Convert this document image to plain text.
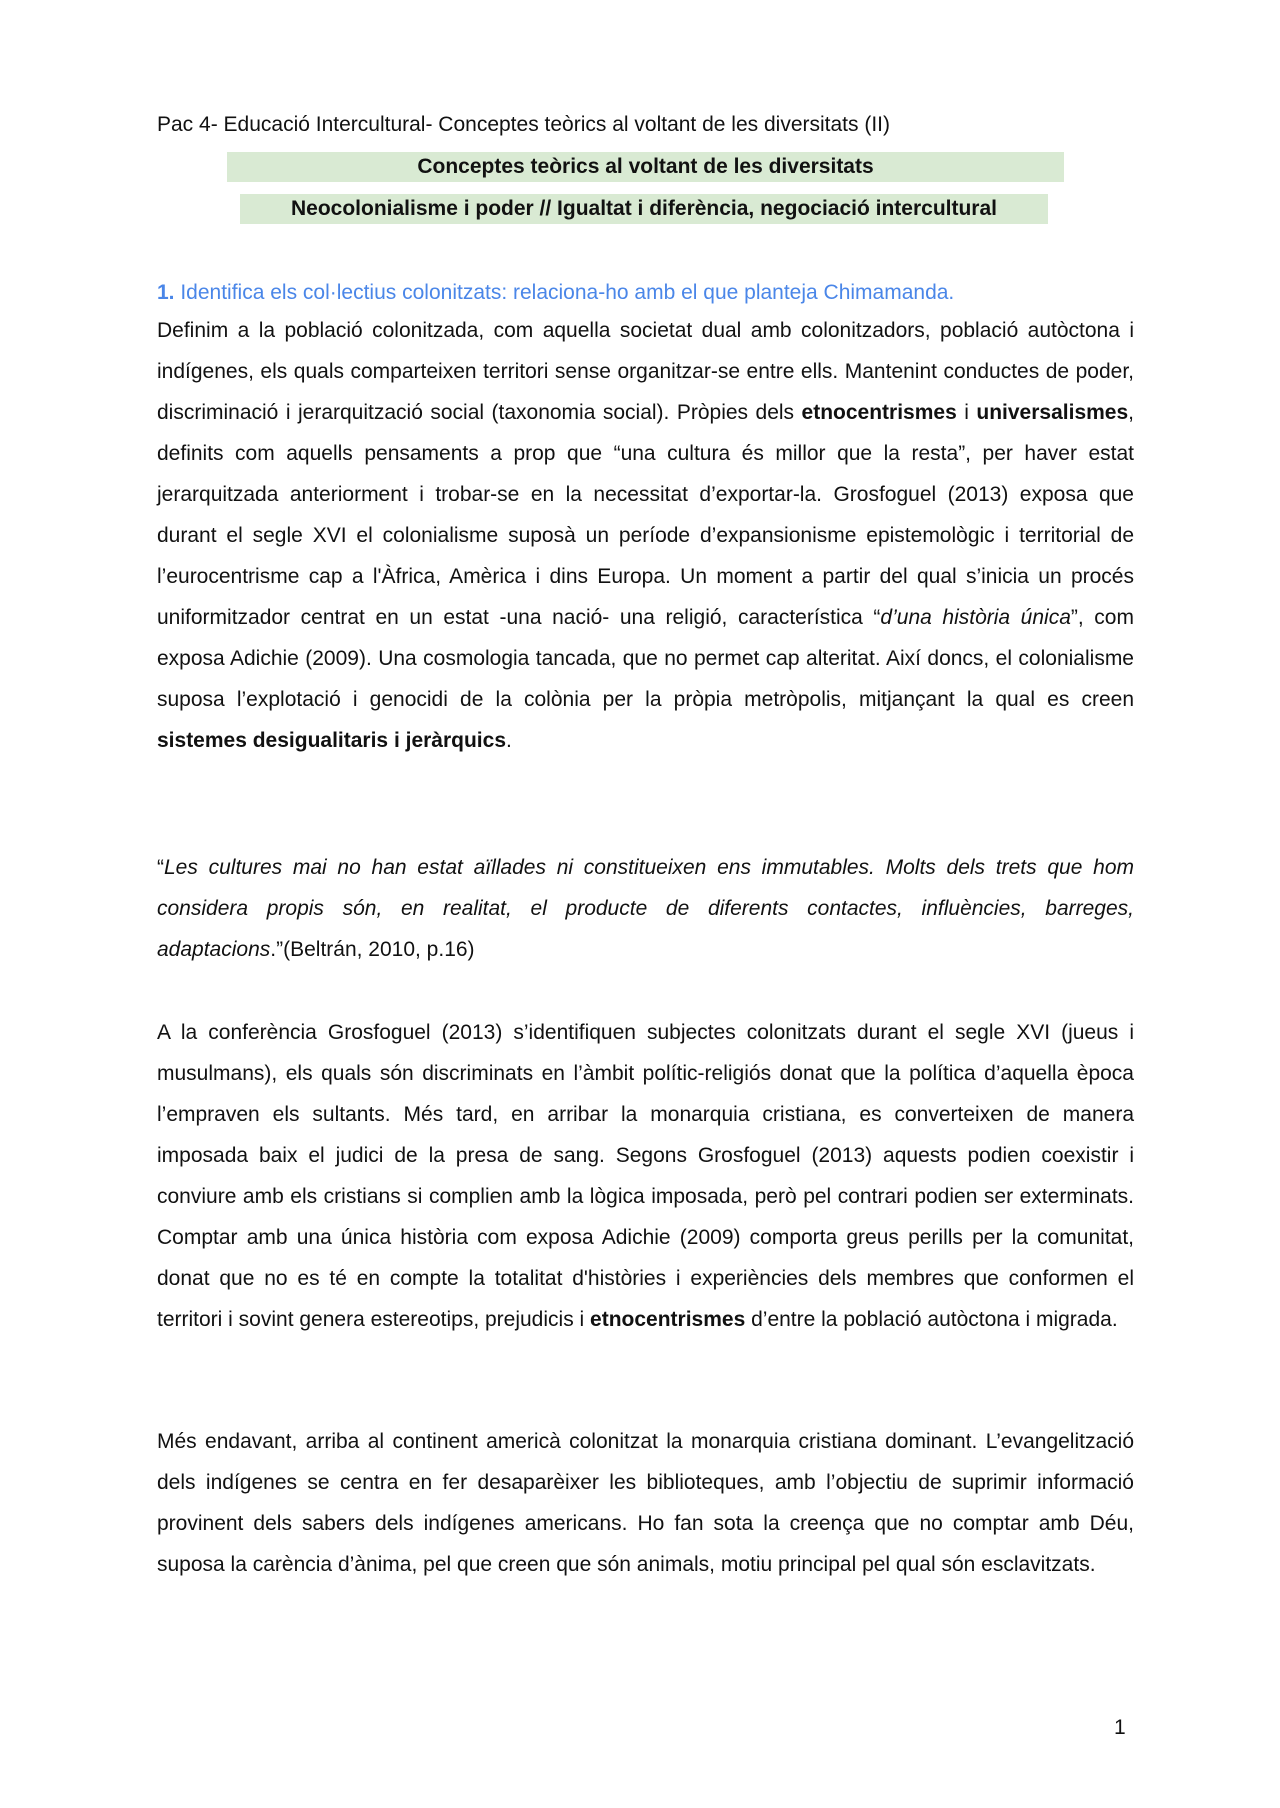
Pac 4- Educació Intercultural- Conceptes teòrics al voltant de les diversitats (II)
Conceptes teòrics al voltant de les diversitats
Neocolonialisme i poder // Igualtat i diferència, negociació intercultural
1. Identifica els col·lectius colonitzats: relaciona-ho amb el que planteja Chimamanda.

Definim a la població colonitzada, com aquella societat dual amb colonitzadors, població autòctona i indígenes, els quals comparteixen territori sense organitzar-se entre ells. Mantenint conductes de poder, discriminació i jerarquització social (taxonomia social). Pròpies dels etnocentrismes i universalismes, definits com aquells pensaments a prop que “una cultura és millor que la resta”, per haver estat jerarquitzada anteriorment i trobar-se en la necessitat d’exportar-la. Grosfoguel (2013) exposa que durant el segle XVI el colonialisme suposà un període d’expansionisme epistemològic i territorial de l’eurocentrisme cap a l'Àfrica, Amèrica i dins Europa. Un moment a partir del qual s’inicia un procés uniformitzador centrat en un estat -una nació- una religió, característica “d’una història única”, com exposa Adichie (2009). Una cosmologia tancada, que no permet cap alteritat. Així doncs, el colonialisme suposa l’explotació i genocidi de la colònia per la pròpia metròpolis, mitjançant la qual es creen sistemes desigualitaris i jeràrquics.

“Les cultures mai no han estat aïllades ni constitueixen ens immutables. Molts dels trets que hom considera propis són, en realitat, el producte de diferents contactes, influències, barreges, adaptacions.”(Beltrán, 2010, p.16)

A la conferència Grosfoguel (2013) s’identifiquen subjectes colonitzats durant el segle XVI (jueus i musulmans), els quals són discriminats en l’àmbit polític-religiós donat que la política d’aquella època l’empraven els sultants. Més tard, en arribar la monarquia cristiana, es converteixen de manera imposada baix el judici de la presa de sang. Segons Grosfoguel (2013) aquests podien coexistir i conviure amb els cristians si complien amb la lògica imposada, però pel contrari podien ser exterminats. Comptar amb una única història com exposa Adichie (2009) comporta greus perills per la comunitat, donat que no es té en compte la totalitat d'històries i experiències dels membres que conformen el territori i sovint genera estereotips, prejudicis i etnocentrismes d’entre la població autòctona i migrada.

Més endavant, arriba al continent americà colonitzat la monarquia cristiana dominant. L’evangelització dels indígenes se centra en fer desaparèixer les biblioteques, amb l’objectiu de suprimir informació provinent dels sabers dels indígenes americans. Ho fan sota la creença que no comptar amb Déu, suposa la carència d’ànima, pel que creen que són animals, motiu principal pel qual són esclavitzats.

1
